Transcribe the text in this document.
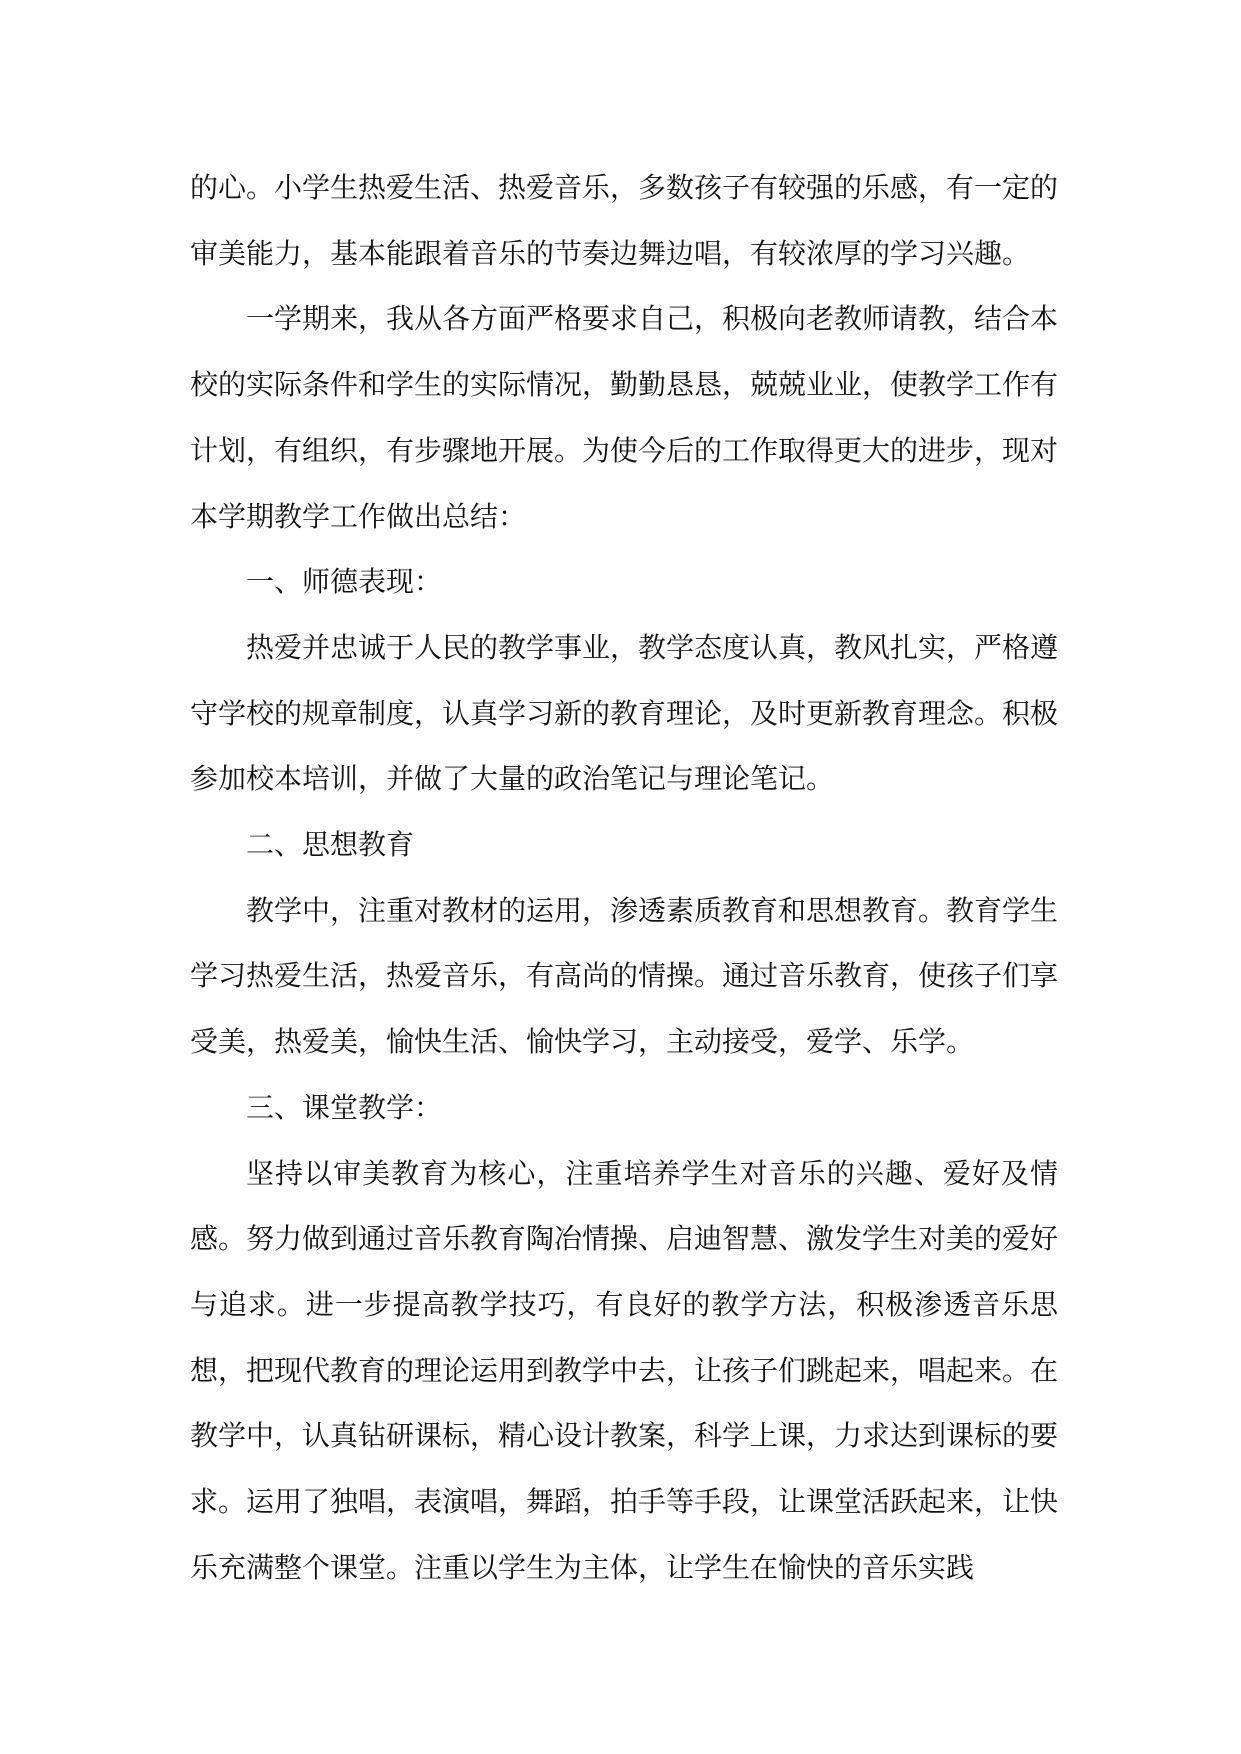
的心。小学生热爱生活、热爱音乐，多数孩子有较强的乐感，有一定的审美能力，基本能跟着音乐的节奏边舞边唱，有较浓厚的学习兴趣。

一学期来，我从各方面严格要求自己，积极向老教师请教，结合本校的实际条件和学生的实际情况，勤勤恳恳，兢兢业业，使教学工作有计划，有组织，有步骤地开展。为使今后的工作取得更大的进步，现对本学期教学工作做出总结：

一、师德表现：

热爱并忠诚于人民的教学事业，教学态度认真，教风扎实，严格遵守学校的规章制度，认真学习新的教育理论，及时更新教育理念。积极参加校本培训，并做了大量的政治笔记与理论笔记。

二、思想教育

教学中，注重对教材的运用，渗透素质教育和思想教育。教育学生学习热爱生活，热爱音乐，有高尚的情操。通过音乐教育，使孩子们享受美，热爱美，愉快生活、愉快学习，主动接受，爱学、乐学。

三、课堂教学：

坚持以审美教育为核心，注重培养学生对音乐的兴趣、爱好及情感。努力做到通过音乐教育陶冶情操、启迪智慧、激发学生对美的爱好与追求。进一步提高教学技巧，有良好的教学方法，积极渗透音乐思想，把现代教育的理论运用到教学中去，让孩子们跳起来，唱起来。在教学中，认真钻研课标，精心设计教案，科学上课，力求达到课标的要求。运用了独唱，表演唱，舞蹈，拍手等手段，让课堂活跃起来，让快乐充满整个课堂。注重以学生为主体，让学生在愉快的音乐实践
